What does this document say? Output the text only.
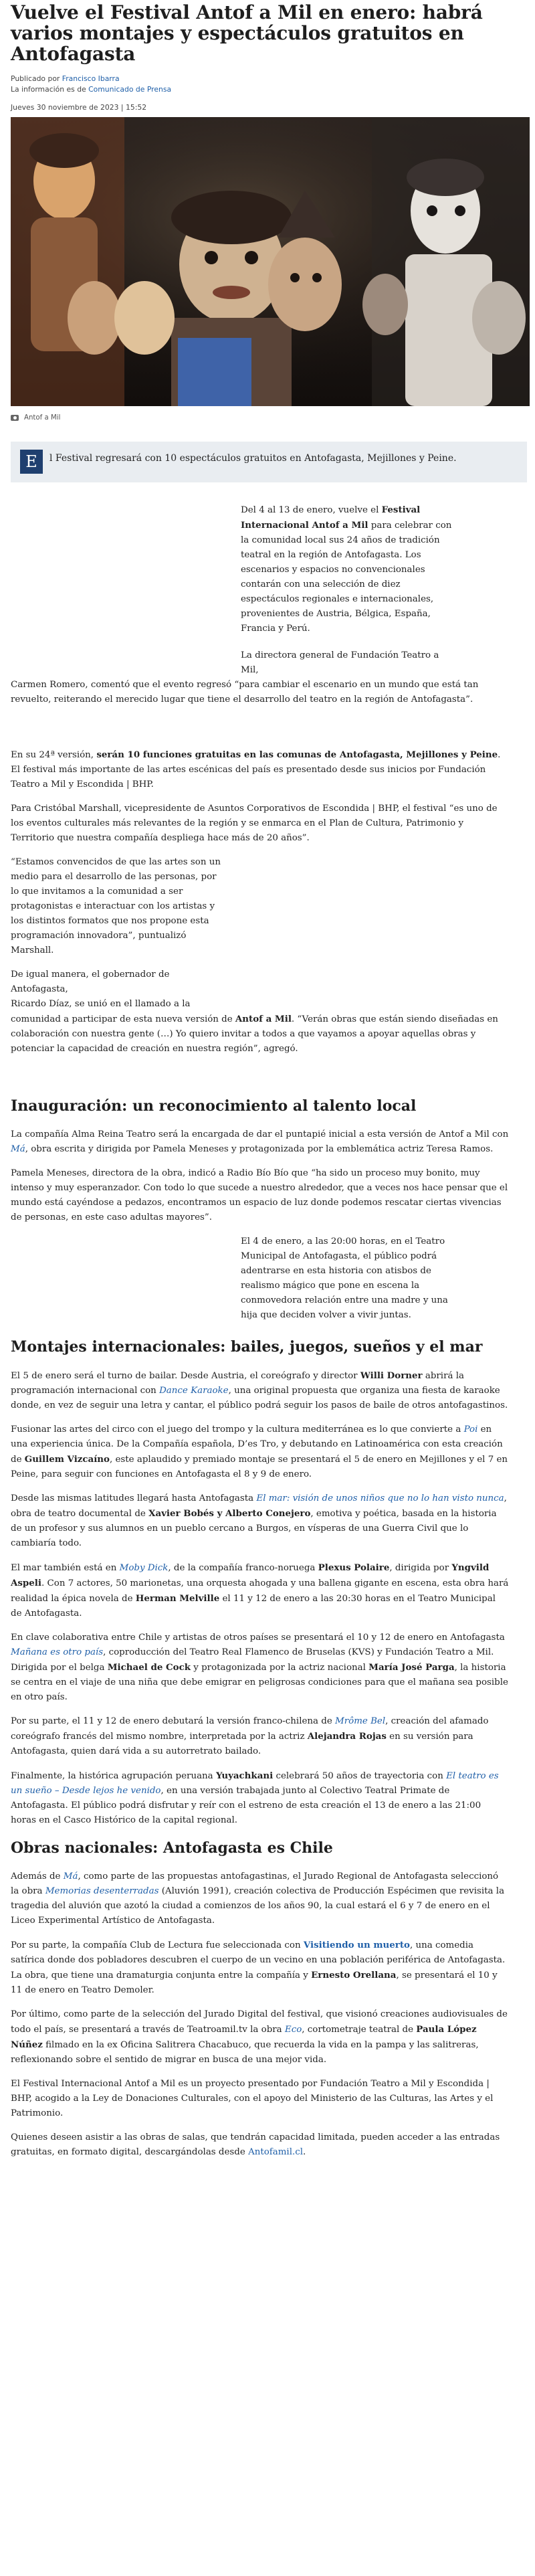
Vuelve el Festival Antof a Mil en enero: habrá varios montajes y espectáculos gratuitos en Antofagasta
Publicado por Francisco Ibarra
La información es de Comunicado de Prensa
Jueves 30 noviembre de 2023 | 15:52
Antof a Mil
E	l Festival regresará con 10 espectáculos gratuitos en Antofagasta, Mejillones y Peine.

Del 4 al 13 de enero, vuelve el Festival Internacional Antof a Mil para celebrar con la comunidad local sus 24 años de tradición teatral en la región de Antofagasta. Los escenarios y espacios no convencionales contarán con una selección de diez espectáculos regionales e internacionales, provenientes de Austria, Bélgica, España, Francia y Perú.

La directora general de Fundación Teatro a Mil,

Carmen Romero, comentó que el evento regresó “para cambiar el escenario en un mundo que está tan revuelto, reiterando el merecido lugar que tiene el desarrollo del teatro en la región de Antofagasta”.

En su 24ª versión, serán 10 funciones gratuitas en las comunas de Antofagasta, Mejillones y Peine. El festival más importante de las artes escénicas del país es presentado desde sus inicios por Fundación Teatro a Mil y Escondida | BHP.

Para Cristóbal Marshall, vicepresidente de Asuntos Corporativos de Escondida | BHP, el festival “es uno de los eventos culturales más relevantes de la región y se enmarca en el Plan de Cultura, Patrimonio y Territorio que nuestra compañía despliega hace más de 20 años”.

“Estamos convencidos de que las artes son un medio para el desarrollo de las personas, por lo que invitamos a la comunidad a ser protagonistas e interactuar con los artistas y los distintos formatos que nos propone esta programación innovadora”, puntualizó Marshall.

De igual manera, el gobernador de Antofagasta,

Ricardo Díaz, se unió en el llamado a la

comunidad a participar de esta nueva versión de Antof a Mil. “Verán obras que están siendo diseñadas en colaboración con nuestra gente (…) Yo quiero invitar a todos a que vayamos a apoyar aquellas obras y potenciar la capacidad de creación en nuestra región”, agregó.

Inauguración: un reconocimiento al talento local

La compañía Alma Reina Teatro será la encargada de dar el puntapié inicial a esta versión de Antof a Mil con Má, obra escrita y dirigida por Pamela Meneses y protagonizada por la emblemática actriz Teresa Ramos.

Pamela Meneses, directora de la obra, indicó a Radio Bío Bío que “ha sido un proceso muy bonito, muy intenso y muy esperanzador. Con todo lo que sucede a nuestro alrededor, que a veces nos hace pensar que el mundo está cayéndose a pedazos, encontramos un espacio de luz donde podemos rescatar ciertas vivencias de personas, en este caso adultas mayores”.

El 4 de enero, a las 20:00 horas, en el Teatro Municipal de Antofagasta, el público podrá adentrarse en esta historia con atisbos de realismo mágico que pone en escena la conmovedora relación entre una madre y una hija que deciden volver a vivir juntas.

Montajes internacionales: bailes, juegos, sueños y el mar

El 5 de enero será el turno de bailar. Desde Austria, el coreógrafo y director Willi Dorner abrirá la programación internacional con Dance Karaoke, una original propuesta que organiza una fiesta de karaoke donde, en vez de seguir una letra y cantar, el público podrá seguir los pasos de baile de otros antofagastinos.

Fusionar las artes del circo con el juego del trompo y la cultura mediterránea es lo que convierte a Poi en una experiencia única. De la Compañía española, D’es Tro, y debutando en Latinoamérica con esta creación de Guillem Vizcaíno, este aplaudido y premiado montaje se presentará el 5 de enero en Mejillones y el 7 en Peine, para seguir con funciones en Antofagasta el 8 y 9 de enero.

Desde las mismas latitudes llegará hasta Antofagasta El mar: visión de unos niños que no lo han visto nunca, obra de teatro documental de Xavier Bobés y Alberto Conejero, emotiva y poética, basada en la historia de un profesor y sus alumnos en un pueblo cercano a Burgos, en vísperas de una Guerra Civil que lo cambiaría todo.

El mar también está en Moby Dick, de la compañía franco-noruega Plexus Polaire, dirigida por Yngvild Aspeli. Con 7 actores, 50 marionetas, una orquesta ahogada y una ballena gigante en escena, esta obra hará realidad la épica novela de Herman Melville el 11 y 12 de enero a las 20:30 horas en el Teatro Municipal de Antofagasta.

En clave colaborativa entre Chile y artistas de otros países se presentará el 10 y 12 de enero en Antofagasta Mañana es otro país, coproducción del Teatro Real Flamenco de Bruselas (KVS) y Fundación Teatro a Mil. Dirigida por el belga Michael de Cock y protagonizada por la actriz nacional María José Parga, la historia se centra en el viaje de una niña que debe emigrar en peligrosas condiciones para que el mañana sea posible en otro país.

Por su parte, el 11 y 12 de enero debutará la versión franco-chilena de Mrôme Bel, creación del afamado coreógrafo francés del mismo nombre, interpretada por la actriz Alejandra Rojas en su versión para Antofagasta, quien dará vida a su autorretrato bailado.

Finalmente, la histórica agrupación peruana Yuyachkani celebrará 50 años de trayectoria con El teatro es un sueño – Desde lejos he venido, en una versión trabajada junto al Colectivo Teatral Primate de Antofagasta. El público podrá disfrutar y reír con el estreno de esta creación el 13 de enero a las 21:00 horas en el Casco Histórico de la capital regional.

Obras nacionales: Antofagasta es Chile

Además de Má, como parte de las propuestas antofagastinas, el Jurado Regional de Antofagasta seleccionó la obra Memorias desenterradas (Aluvión 1991), creación colectiva de Producción Espécimen que revisita la tragedia del aluvión que azotó la ciudad a comienzos de los años 90, la cual estará el 6 y 7 de enero en el Liceo Experimental Artístico de Antofagasta.

Por su parte, la compañía Club de Lectura fue seleccionada con Visitiendo un muerto, una comedia satírica donde dos pobladores descubren el cuerpo de un vecino en una población periférica de Antofagasta. La obra, que tiene una dramaturgia conjunta entre la compañía y Ernesto Orellana, se presentará el 10 y 11 de enero en Teatro Demoler.

Por último, como parte de la selección del Jurado Digital del festival, que visionó creaciones audiovisuales de todo el país, se presentará a través de Teatroamil.tv la obra Eco, cortometraje teatral de Paula López Núñez filmado en la ex Oficina Salitrera Chacabuco, que recuerda la vida en la pampa y las salitreras, reflexionando sobre el sentido de migrar en busca de una mejor vida.

El Festival Internacional Antof a Mil es un proyecto presentado por Fundación Teatro a Mil y Escondida | BHP, acogido a la Ley de Donaciones Culturales, con el apoyo del Ministerio de las Culturas, las Artes y el Patrimonio.

Quienes deseen asistir a las obras de salas, que tendrán capacidad limitada, pueden acceder a las entradas gratuitas, en formato digital, descargándolas desde Antofamil.cl.
